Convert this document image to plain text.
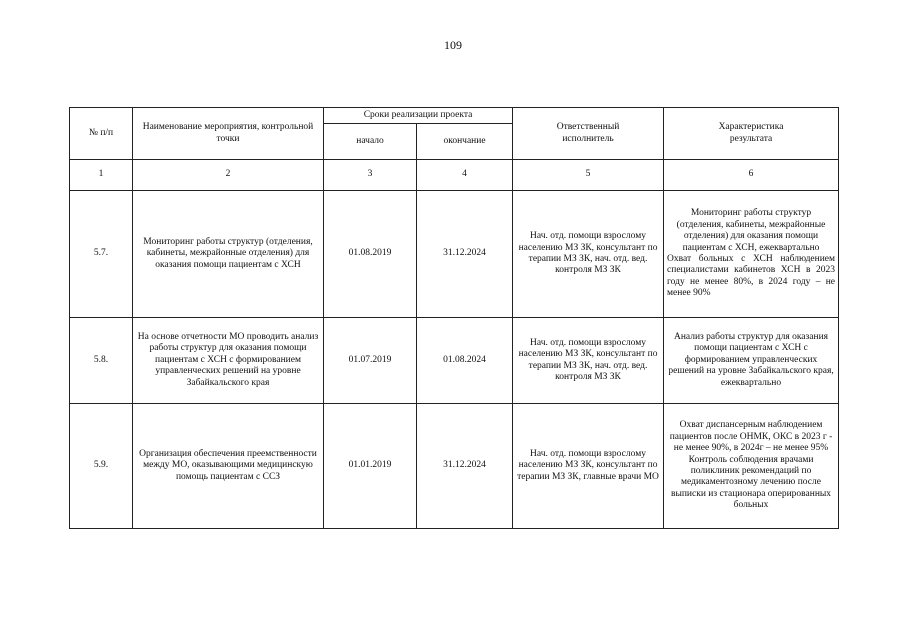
109
№ п/п	Наименование мероприятия, контрольной точки	Сроки реализации проекта		Ответственный исполнитель	Характеристика результата
		начало	окончание		
1	2	3	4	5	6
5.7.	Мониторинг работы структур (отделения, кабинеты, межрайонные отделения) для оказания помощи пациентам с ХСН	01.08.2019	31.12.2024	Нач. отд. помощи взрослому населению МЗ ЗК, консультант по терапии МЗ ЗК, нач. отд. вед. контроля МЗ ЗК	Мониторинг работы структур (отделения, кабинеты, межрайонные отделения) для оказания помощи пациентам с ХСН, ежеквартально
Охват больных с ХСН наблюдением специалистами кабинетов ХСН в 2023 году не менее 80%, в 2024 году – не менее 90%

5.8.	На основе отчетности МО проводить анализ работы структур для оказания помощи пациентам с ХСН с формированием управленческих решений на уровне Забайкальского края	01.07.2019	01.08.2024	Нач. отд. помощи взрослому населению МЗ ЗК, консультант по терапии МЗ ЗК, нач. отд. вед. контроля МЗ ЗК	Анализ работы структур для оказания помощи пациентам с ХСН с формированием управленческих решений на уровне Забайкальского края, ежеквартально
5.9.	Организация обеспечения преемственности между МО, оказывающими медицинскую помощь пациентам с ССЗ	01.01.2019	31.12.2024	Нач. отд. помощи взрослому населению МЗ ЗК, консультант по терапии МЗ ЗК, главные врачи МО	Охват диспансерным наблюдением пациентов после ОНМК, ОКС в 2023 г - не менее 90%, в 2024г – не менее 95% Контроль соблюдения врачами поликлиник рекомендаций по медикаментозному лечению после выписки из стационара оперированных больных
